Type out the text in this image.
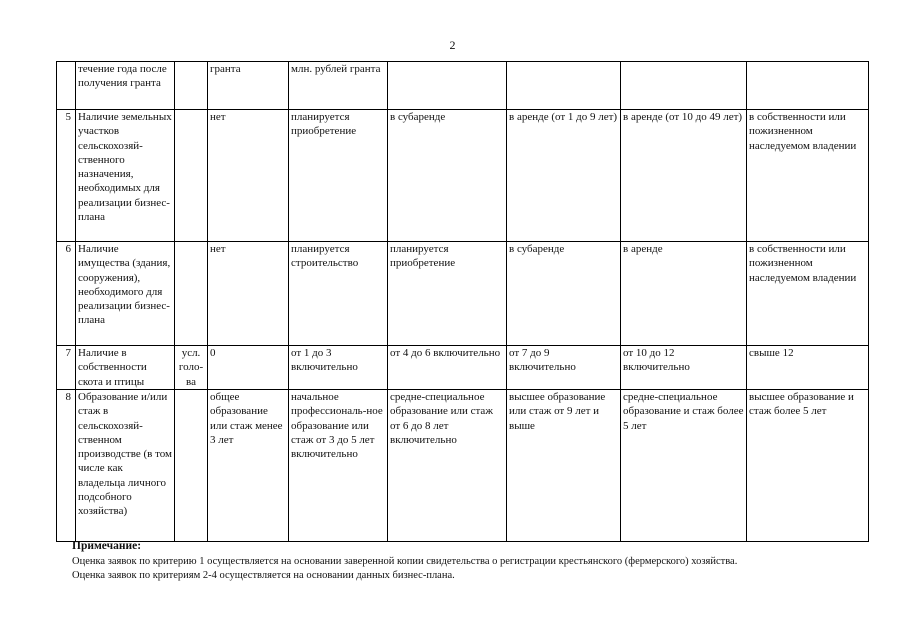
2
	течение года после получения гранта		гранта	млн. рублей гранта				
5	Наличие земельных участков сельскохозяй-ственного назначения, необходимых для реализации бизнес-плана		нет	планируется приобретение	в субаренде	в аренде (от 1 до 9 лет)	в аренде (от 10 до 49 лет)	в собственности или пожизненном наследуемом владении
6	Наличие имущества (здания, сооружения), необходимого для реализации бизнес-плана		нет	планируется строительство	планируется приобретение	в субаренде	в аренде	в собственности или пожизненном наследуемом владении
7	Наличие в собственности скота и птицы	усл. голо-ва	0	от 1 до 3 включительно	от 4 до 6 включительно	от 7 до 9 включительно	от 10 до 12 включительно	свыше 12
8	Образование и/или стаж в сельскохозяй-ственном производстве (в том числе как владельца личного подсобного хозяйства)		общее образование или стаж менее 3 лет	начальное профессиональ-ное образование или стаж от 3 до 5 лет включительно	средне-специальное образование или стаж от 6 до 8 лет включительно	высшее образование или стаж от 9 лет и выше	средне-специальное образование и стаж более 5 лет	высшее образование и стаж более 5 лет
Примечание:
Оценка заявок по критерию 1 осуществляется на основании заверенной копии свидетельства о регистрации крестьянского (фермерского) хозяйства.
Оценка заявок по критериям 2-4 осуществляется на основании данных бизнес-плана.
